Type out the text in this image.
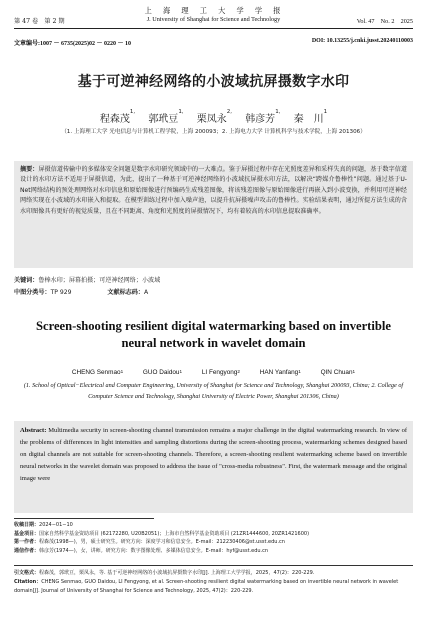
上　海　理　工　大　学　学　报
第 47 卷　第 2 期	J. University of Shanghai for Science and Technology	Vol. 47　No. 2　2025
文章编号:1007 － 6735(2025)02 － 0220 － 10	DOI: 10.13255/j.cnki.jusst.20240110003
基于可逆神经网络的小波域抗屏摄数字水印
程森茂$^{1,}$ 郭玳豆$^{1,}$ 栗凤永$^{2,}$ 韩彦芳$^{1,}$ 秦　川$^1$
（1. 上海理工大学 光电信息与计算机工程学院，上海 200093；2. 上海电力大学 计算机科学与技术学院，上海 201306）
摘要：屏摄信道传输中的多媒体安全问题是数字水印研究领域中的一大难点。鉴于屏摄过程中存在光照度差异和采样失真的问题，基于数字信道设计的水印方法不适用于屏摄信道，为此，提出了一种基于可逆神经网络的小波域抗屏摄水印方法，以解决“跨媒介鲁棒性”问题。通过基于U-Net网络结构的预处理网络对水印信息和原始图像进行预编码生成残差图像，将该残差图像与原始图像进行再嵌入到小波变换，并利用可逆神经网络实现在小波域的水印嵌入和提取。在模型训练过程中加入噪声池，以提升抗屏摄噪声攻击的鲁棒性。实验结果表明，通过所提方法生成的含水印图像具有更好的视觉质量，且在不同距离、角度和光照度的屏摄情况下，均有着较高的水印信息提取准确率。
关键词：鲁棒水印；屏幕拍摄；可逆神经网络；小波域
中图分类号：TP 929	文献标志码：A
Screen-shooting resilient digital watermarking based on invertible neural network in wavelet domain
CHENG Senmao$^1$	GUO Daidou$^1$	LI Fengyong$^2$	HAN Yanfang$^1$	QIN Chuan$^1$
(1. School of Optical−Electrical and Computer Engineering, University of Shanghai for Science and Technology, Shanghai 200093, China; 2. College of Computer Science and Technology, Shanghai University of Electric Power, Shanghai 201306, China)
Abstract: Multimedia security in screen-shooting channel transmission remains a major challenge in the digital watermarking research. In view of the problems of differences in light intensities and sampling distortions during the screen-shooting process, watermarking schemes designed based on digital channels are not suitable for screen-shooting channels. Therefore, a screen-shooting resilient watermarking scheme based on invertible neural networks in the wavelet domain was proposed to address the issue of "cross-media robustness". First, the watermark message and the original image were
收稿日期：2024−01−10
基金项目：国家自然科学基金资助项目 (62172280, U20B2051)；上海市自然科学基金资助项目 (21ZR1444600, 20ZR1421600)
第一作者：程森茂(1998—)，男，硕士研究生。研究方向：深度学习和信息安全。E-mail：212230406@st.usst.edu.cn
通信作者：韩彦芳(1974—)，女，讲师。研究方向：数字图像处理、多媒体信息安全。E-mail：hyf@usst.edu.cn
引文格式：程森茂，郭玳豆，栗凤永，等. 基于可逆神经网络的小波域抗屏摄数字水印[J]. 上海理工大学学报，2025，47(2)：220-229.
Citation：CHENG Senmao, GUO Daidou, LI Fengyong, et al. Screen-shooting resilient digital watermarking based on invertible neural network in wavelet domain[J]. Journal of University of Shanghai for Science and Technology, 2025, 47(2)：220-229.
